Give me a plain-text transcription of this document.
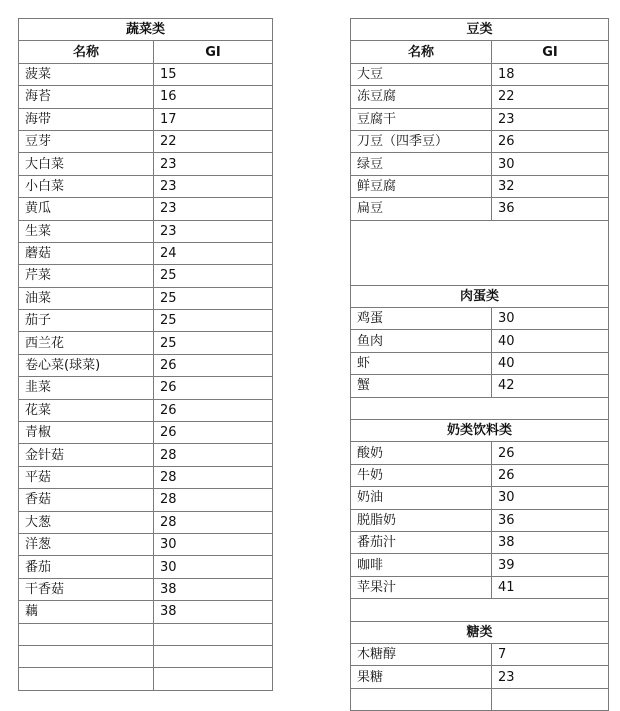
蔬菜类	
名称	GI
菠菜	15
海苔	16
海带	17
豆芽	22
大白菜	23
小白菜	23
黄瓜	23
生菜	23
蘑菇	24
芹菜	25
油菜	25
茄子	25
西兰花	25
卷心菜(球菜)	26
韭菜	26
花菜	26
青椒	26
金针菇	28
平菇	28
香菇	28
大葱	28
洋葱	30
番茄	30
干香菇	38
藕	38

豆类	
名称	GI
大豆	18
冻豆腐	22
豆腐干	23
刀豆（四季豆）	26
绿豆	30
鲜豆腐	32
扁豆	36

肉蛋类	
鸡蛋	30
鱼肉	40
虾	40
蟹	42

奶类饮料类	
酸奶	26
牛奶	26
奶油	30
脱脂奶	36
番茄汁	38
咖啡	39
苹果汁	41

糖类	
木糖醇	7
果糖	23
